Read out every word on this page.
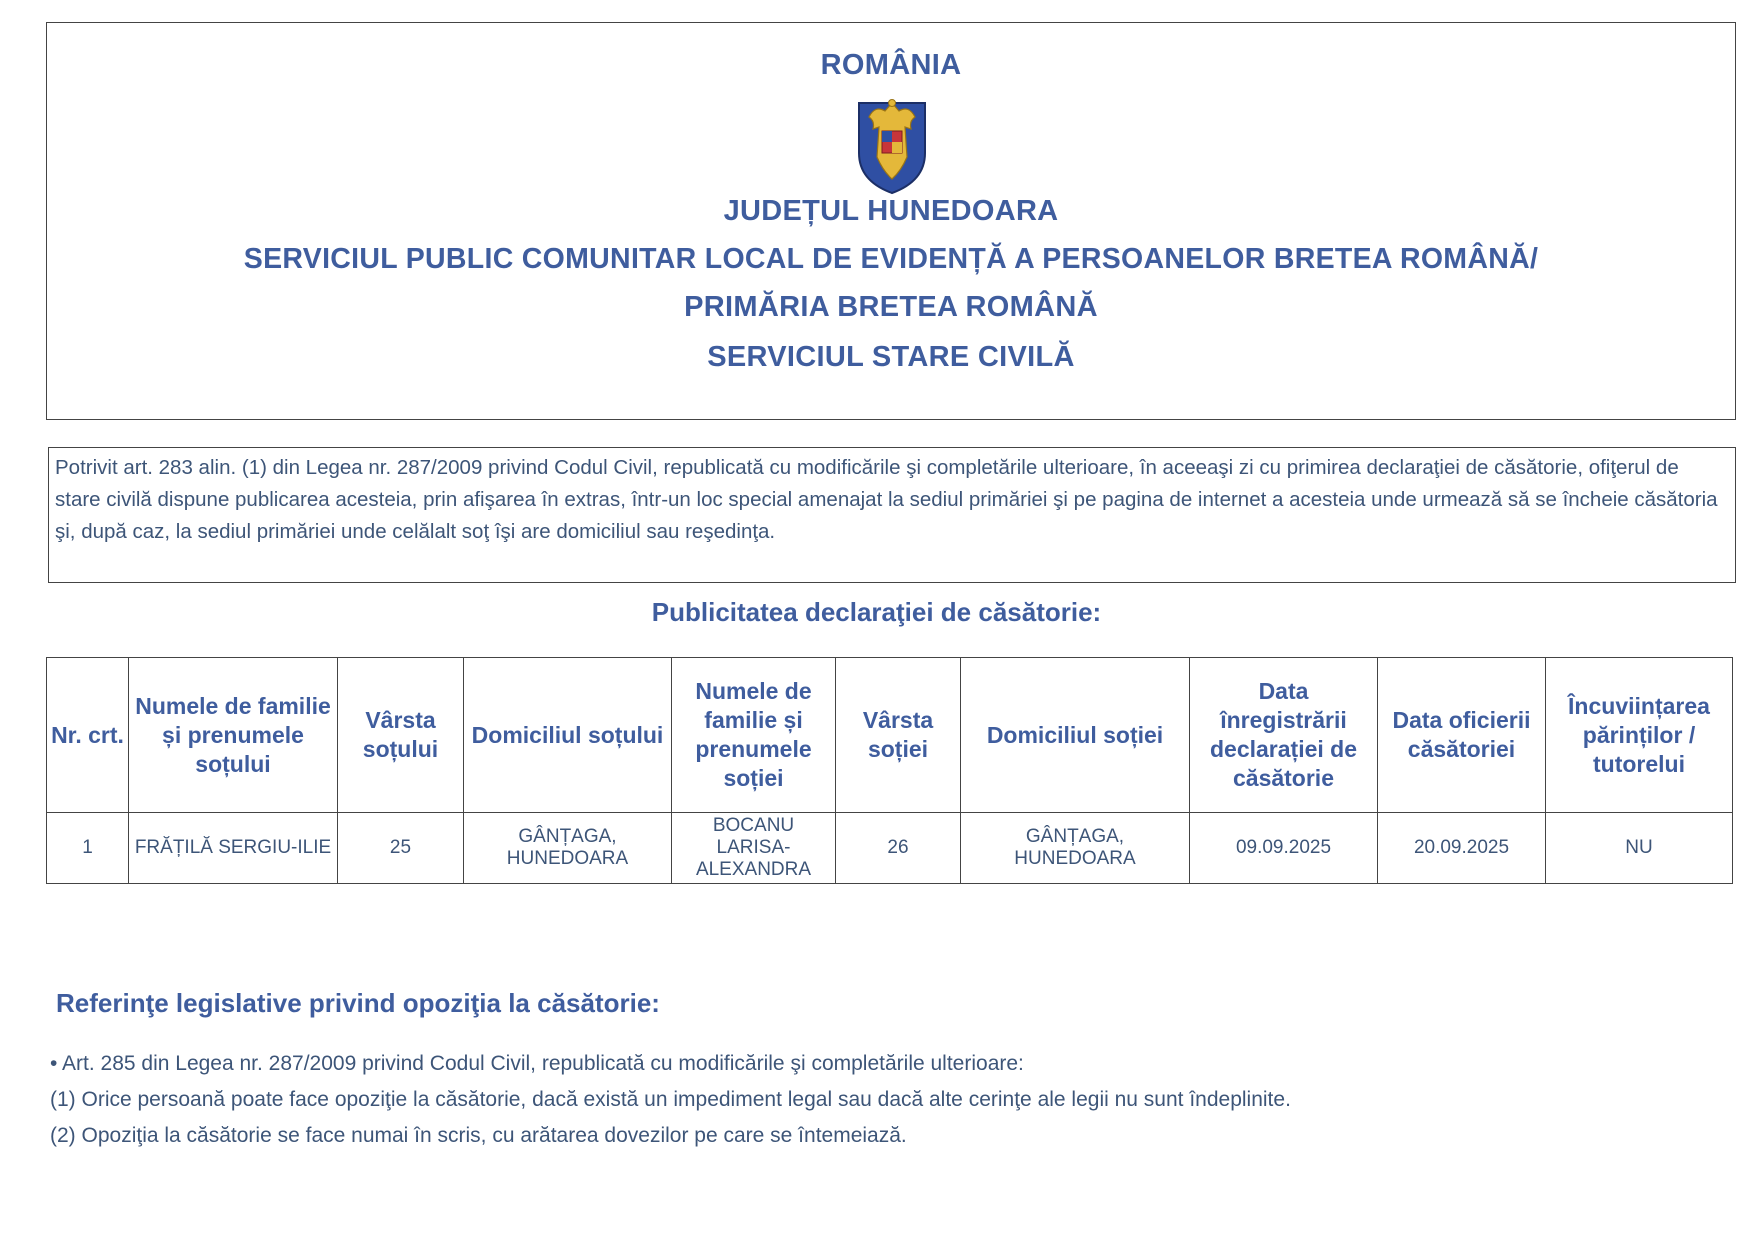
ROMÂNIA
JUDEȚUL HUNEDOARA
SERVICIUL PUBLIC COMUNITAR LOCAL DE EVIDENȚĂ A PERSOANELOR BRETEA ROMÂNĂ/
PRIMĂRIA BRETEA ROMÂNĂ
SERVICIUL STARE CIVILĂ
Potrivit art. 283 alin. (1) din Legea nr. 287/2009 privind Codul Civil, republicată cu modificările şi completările ulterioare, în aceeaşi zi cu primirea declaraţiei de căsătorie, ofiţerul de stare civilă dispune publicarea acesteia, prin afişarea în extras, într-un loc special amenajat la sediul primăriei şi pe pagina de internet a acesteia unde urmează să se încheie căsătoria şi, după caz, la sediul primăriei unde celălalt soţ îşi are domiciliul sau reşedinţa.
Publicitatea declaraţiei de căsătorie:
Nr. crt.	Numele de familie și prenumele soțului	Vârsta soțului	Domiciliul soțului	Numele de familie și prenumele soției	Vârsta soției	Domiciliul soției	Data înregistrării declarației de căsătorie	Data oficierii căsătoriei	Încuviințarea părinților / tutorelui
1	FRĂȚILĂ SERGIU-ILIE	25	GÂNȚAGA, HUNEDOARA	BOCANU LARISA-ALEXANDRA	26	GÂNȚAGA, HUNEDOARA	09.09.2025	20.09.2025	NU
Referinţe legislative privind opoziţia la căsătorie:
• Art. 285 din Legea nr. 287/2009 privind Codul Civil, republicată cu modificările şi completările ulterioare:
(1) Orice persoană poate face opoziţie la căsătorie, dacă există un impediment legal sau dacă alte cerinţe ale legii nu sunt îndeplinite.
(2) Opoziţia la căsătorie se face numai în scris, cu arătarea dovezilor pe care se întemeiază.
